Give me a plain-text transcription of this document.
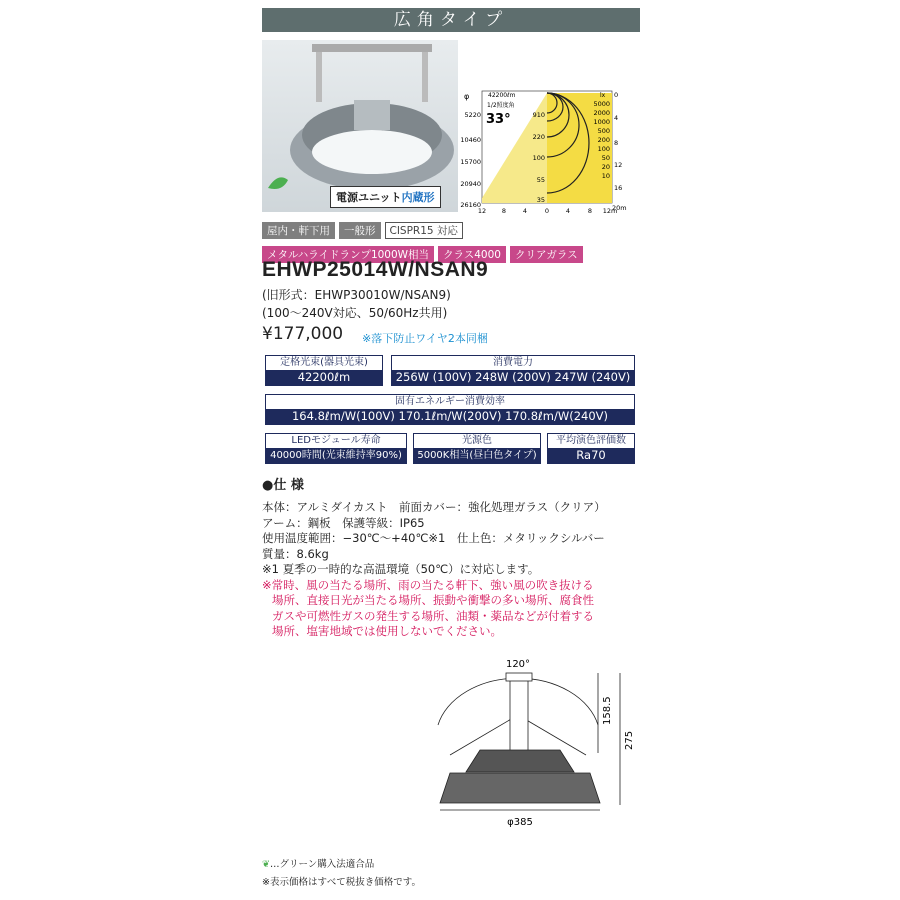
広角タイプ
電源ユニット内蔵形
42200ℓm	lx
φ
1/2照度角
33°
5220
10460
15700
20940
26160
0
4
8
12
16
20m
12 8	4	0	4	8 12m
910
220
100
55
35
5000
2000
1000
500
200
100
50
20
10
屋内・軒下用 一般形 CISPR15 対応
メタルハライドランプ1000W相当 クラス4000 クリアガラス
EHWP25014W/NSAN9
(旧形式：EHWP30010W/NSAN9)
(100〜240V対応、50/60Hz共用)
¥177,000 ※落下防止ワイヤ2本同梱
定格光束(器具光束)
42200ℓm
消費電力
256W (100V) 248W (200V) 247W (240V)
固有エネルギー消費効率
164.8ℓm/W(100V) 170.1ℓm/W(200V) 170.8ℓm/W(240V)
LEDモジュール寿命
40000時間(光束維持率90%)
光源色
5000K相当(昼白色タイプ)
平均演色評価数
Ra70
●仕 様
本体：アルミダイカスト　前面カバー：強化処理ガラス（クリア）
アーム：鋼板　保護等級：IP65
使用温度範囲：−30℃〜+40℃※1　仕上色：メタリックシルバー
質量：8.6kg
※1 夏季の一時的な高温環境（50℃）に対応します。
※常時、風の当たる場所、雨の当たる軒下、強い風の吹き抜ける
場所、直接日光が当たる場所、振動や衝撃の多い場所、腐食性
ガスや可燃性ガスの発生する場所、油類・薬品などが付着する
場所、塩害地域では使用しないでください。
120°
158.5
275
φ385
❦…グリーン購入法適合品
※表示価格はすべて税抜き価格です。
